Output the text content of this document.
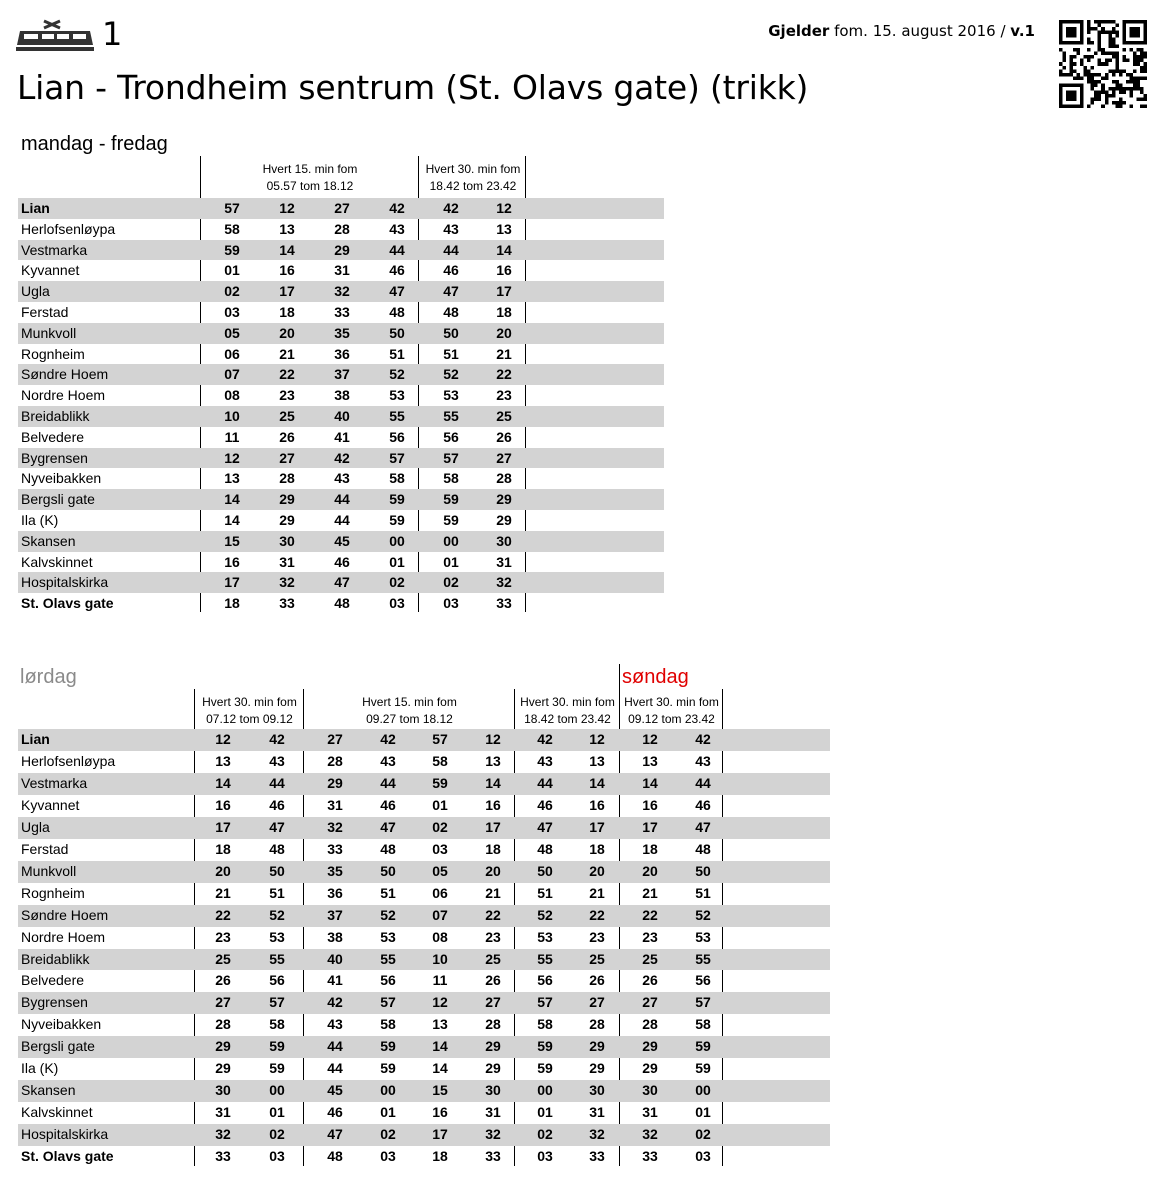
1
Lian - Trondheim sentrum (St. Olavs gate) (trikk)
Gjelder fom. 15. august 2016 / v.1
mandag - fredag
Hvert 15. min fom
05.57 tom 18.12
Hvert 30. min fom
18.42 tom 23.42
Lian	57	12	27	42	42	12
Herlofsenløypa	58	13	28	43	43	13
Vestmarka	59	14	29	44	44	14
Kyvannet	01	16	31	46	46	16
Ugla	02	17	32	47	47	17
Ferstad	03	18	33	48	48	18
Munkvoll	05	20	35	50	50	20
Rognheim	06	21	36	51	51	21
Søndre Hoem	07	22	37	52	52	22
Nordre Hoem	08	23	38	53	53	23
Breidablikk	10	25	40	55	55	25
Belvedere	11	26	41	56	56	26
Bygrensen	12	27	42	57	57	27
Nyveibakken	13	28	43	58	58	28
Bergsli gate	14	29	44	59	59	29
Ila (K)	14	29	44	59	59	29
Skansen	15	30	45	00	00	30
Kalvskinnet	16	31	46	01	01	31
Hospitalskirka	17	32	47	02	02	32
St. Olavs gate	18	33	48	03	03	33
lørdag	søndag
Hvert 30. min fom
07.12 tom 09.12
Hvert 15. min fom
09.27 tom 18.12
Hvert 30. min fom
18.42 tom 23.42
Hvert 30. min fom
09.12 tom 23.42
Lian	12	42	27	42	57	12	42	12	12	42
Herlofsenløypa	13	43	28	43	58	13	43	13	13	43
Vestmarka	14	44	29	44	59	14	44	14	14	44
Kyvannet	16	46	31	46	01	16	46	16	16	46
Ugla	17	47	32	47	02	17	47	17	17	47
Ferstad	18	48	33	48	03	18	48	18	18	48
Munkvoll	20	50	35	50	05	20	50	20	20	50
Rognheim	21	51	36	51	06	21	51	21	21	51
Søndre Hoem	22	52	37	52	07	22	52	22	22	52
Nordre Hoem	23	53	38	53	08	23	53	23	23	53
Breidablikk	25	55	40	55	10	25	55	25	25	55
Belvedere	26	56	41	56	11	26	56	26	26	56
Bygrensen	27	57	42	57	12	27	57	27	27	57
Nyveibakken	28	58	43	58	13	28	58	28	28	58
Bergsli gate	29	59	44	59	14	29	59	29	29	59
Ila (K)	29	59	44	59	14	29	59	29	29	59
Skansen	30	00	45	00	15	30	00	30	30	00
Kalvskinnet	31	01	46	01	16	31	01	31	31	01
Hospitalskirka	32	02	47	02	17	32	02	32	32	02
St. Olavs gate	33	03	48	03	18	33	03	33	33	03
